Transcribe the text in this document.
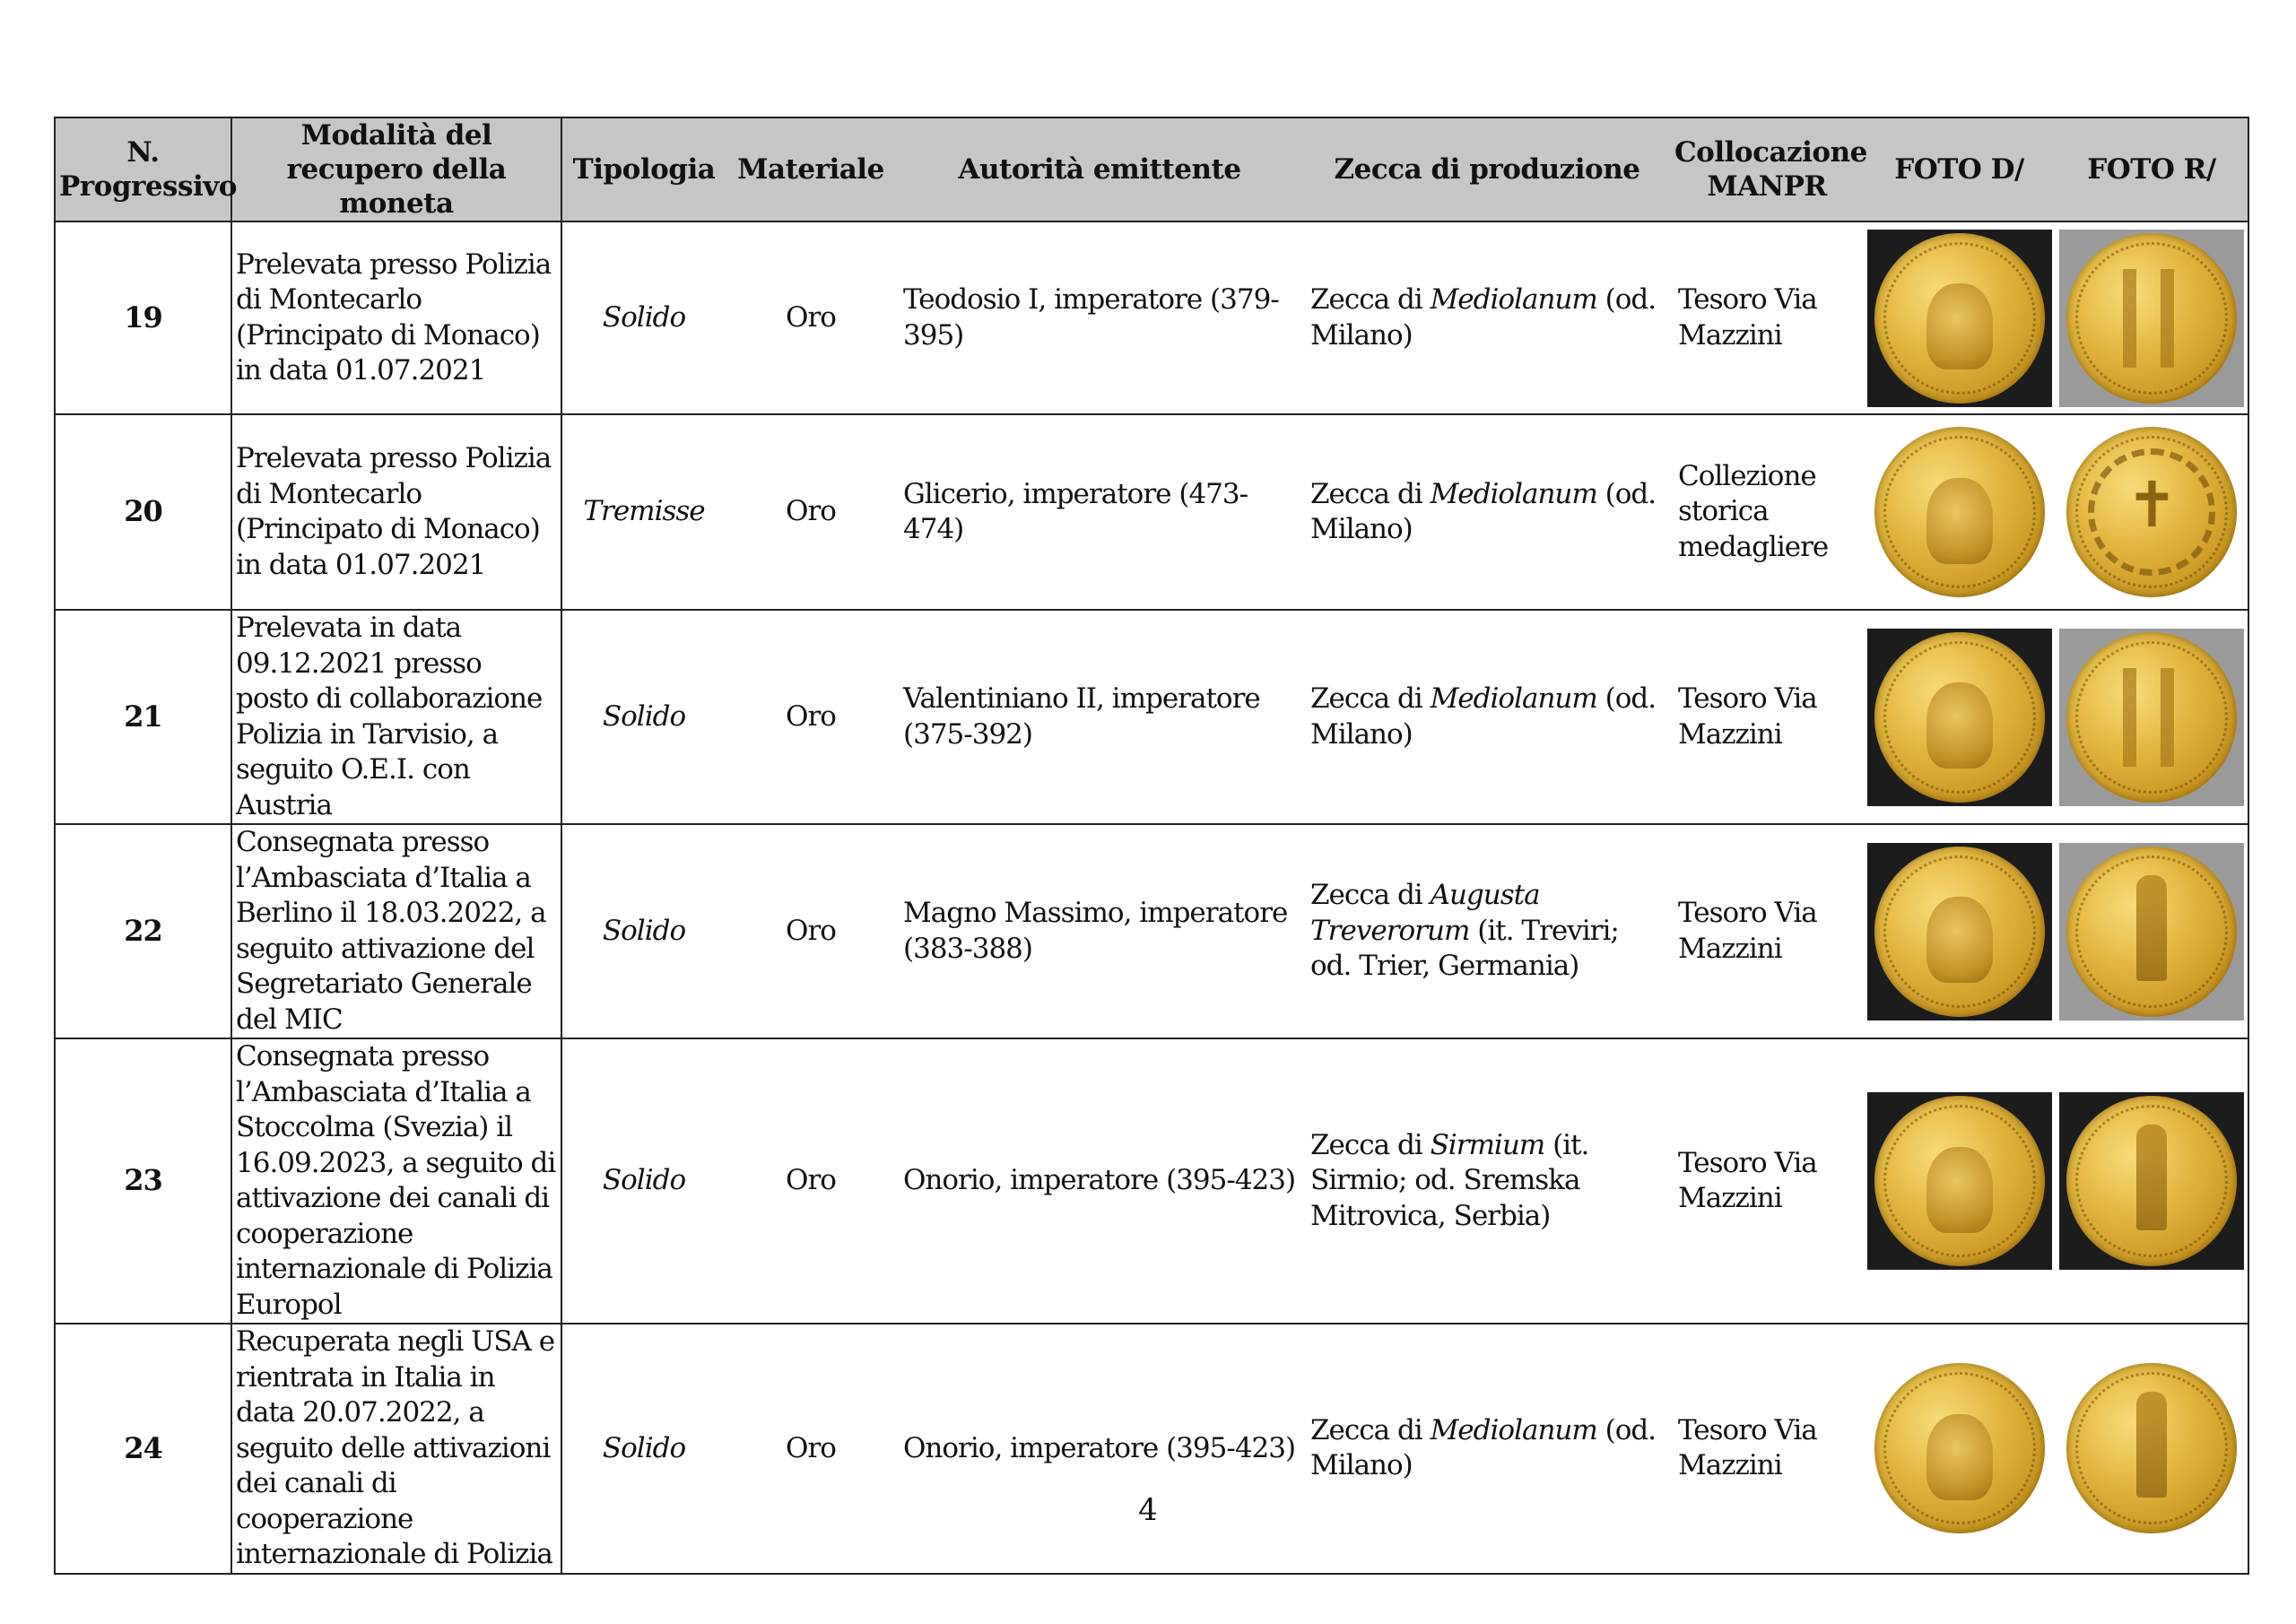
N. Progressivo	Modalità del recupero della moneta	Tipologia	Materiale	Autorità emittente	Zecca di produzione	Collocazione MANPR	FOTO D/	FOTO R/
19	Prelevata presso Polizia di Montecarlo (Principato di Monaco) in data 01.07.2021	Solido	Oro	Teodosio I, imperatore (379-395)	Zecca di Mediolanum (od. Milano)	Tesoro Via Mazzini	

20	Prelevata presso Polizia di Montecarlo (Principato di Monaco) in data 01.07.2021	Tremisse	Oro	Glicerio, imperatore (473-474)	Zecca di Mediolanum (od. Milano)	Collezione storica medagliere		✝

21	Prelevata in data 09.12.2021 presso posto di collaborazione Polizia in Tarvisio, a seguito O.E.I. con Austria	Solido	Oro	Valentiniano II, imperatore (375-392)	Zecca di Mediolanum (od. Milano)	Tesoro Via Mazzini	

22	Consegnata presso l’Ambasciata d’Italia a Berlino il 18.03.2022, a seguito attivazione del Segretariato Generale del MIC	Solido	Oro	Magno Massimo, imperatore (383-388)	Zecca di Augusta Treverorum (it. Treviri; od. Trier, Germania)	Tesoro Via Mazzini	

23	Consegnata presso l’Ambasciata d’Italia a Stoccolma (Svezia) il 16.09.2023, a seguito di attivazione dei canali di cooperazione internazionale di Polizia Europol	Solido	Oro	Onorio, imperatore (395-423)	Zecca di Sirmium (it. Sirmio; od. Sremska Mitrovica, Serbia)	Tesoro Via Mazzini	

24	Recuperata negli USA e rientrata in Italia in data 20.07.2022, a seguito delle attivazioni dei canali di cooperazione internazionale di Polizia	Solido	Oro	Onorio, imperatore (395-423)	Zecca di Mediolanum (od. Milano)	Tesoro Via Mazzini	

4
